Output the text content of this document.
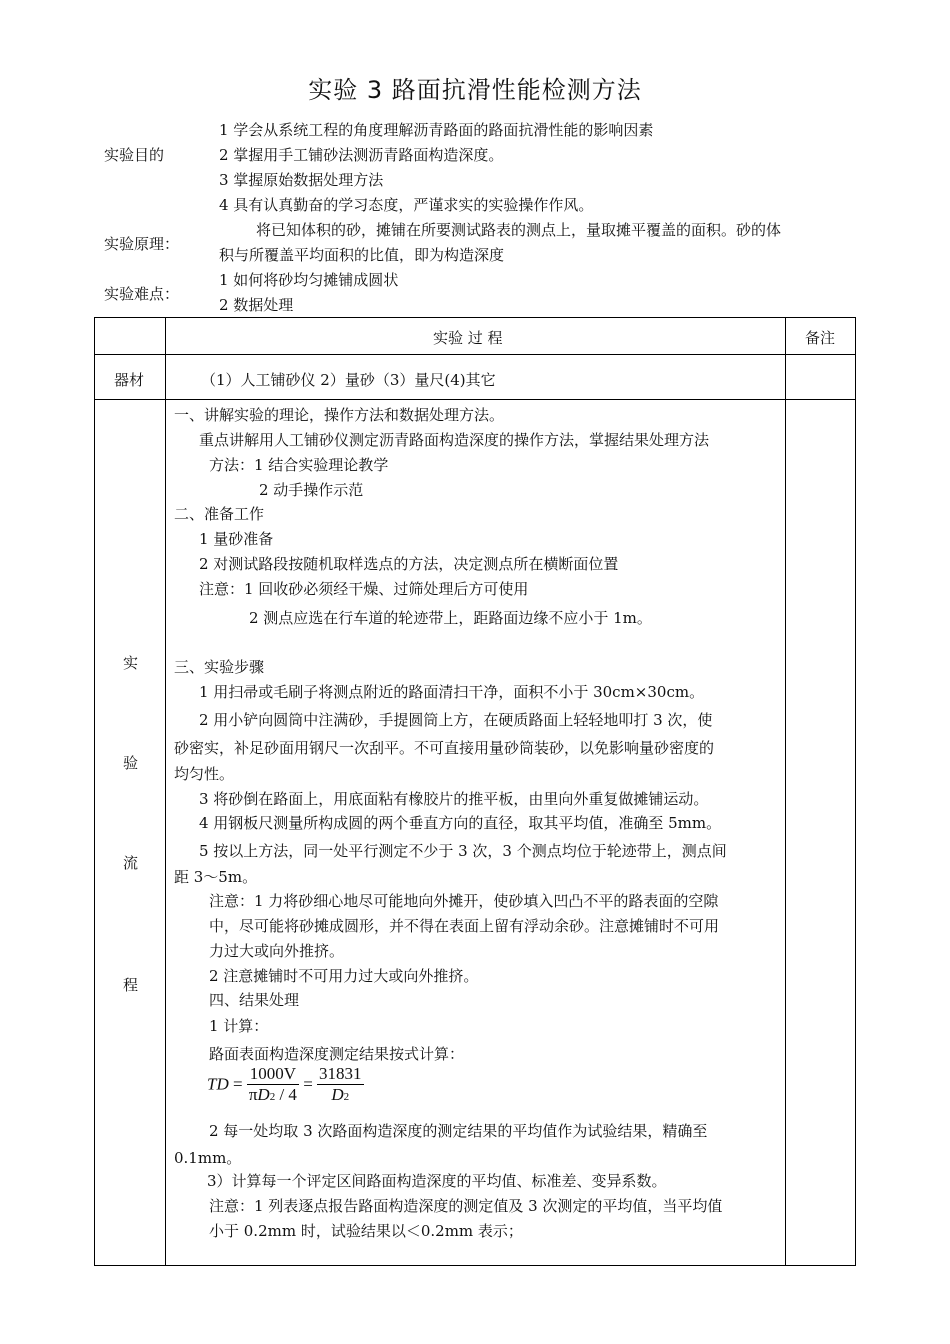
实验 3 路面抗滑性能检测方法
实验目的
1 学会从系统工程的角度理解沥青路面的路面抗滑性能的影响因素
2 掌握用手工铺砂法测沥青路面构造深度。
3 掌握原始数据处理方法
4 具有认真勤奋的学习态度，严谨求实的实验操作作风。
实验原理：
将已知体积的砂，摊铺在所要测试路表的测点上，量取摊平覆盖的面积。砂的体
积与所覆盖平均面积的比值，即为构造深度
实验难点：
1 如何将砂均匀摊铺成圆状
2 数据处理
实验 过 程	备注
器材	（1）人工铺砂仪 2）量砂（3）量尺(4)其它
实
验
流
程
一、讲解实验的理论，操作方法和数据处理方法。
重点讲解用人工铺砂仪测定沥青路面构造深度的操作方法，掌握结果处理方法
方法：1 结合实验理论教学
2 动手操作示范
二、准备工作
1 量砂准备
2 对测试路段按随机取样选点的方法，决定测点所在横断面位置
注意：1 回收砂必须经干燥、过筛处理后方可使用
2 测点应选在行车道的轮迹带上，距路面边缘不应小于 1m。
三、实验步骤
1 用扫帚或毛刷子将测点附近的路面清扫干净，面积不小于 30cm×30cm。
2 用小铲向圆筒中注满砂，手提圆筒上方，在硬质路面上轻轻地叩打 3 次，使
砂密实，补足砂面用钢尺一次刮平。不可直接用量砂筒装砂，以免影响量砂密度的
均匀性。
3 将砂倒在路面上，用底面粘有橡胶片的推平板，由里向外重复做摊铺运动。
4 用钢板尺测量所构成圆的两个垂直方向的直径，取其平均值，准确至 5mm。
5 按以上方法，同一处平行测定不少于 3 次，3 个测点均位于轮迹带上，测点间
距 3～5m。
注意：1 力将砂细心地尽可能地向外摊开，使砂填入凹凸不平的路表面的空隙
中，尽可能将砂摊成圆形，并不得在表面上留有浮动余砂。注意摊铺时不可用
力过大或向外推挤。
2 注意摊铺时不可用力过大或向外推挤。
四、结果处理
1 计算：
路面表面构造深度测定结果按式计算：
TD = $\frac{1000V}{\pi D2 / 4} = \frac{31831}{D2}$
2 每一处均取 3 次路面构造深度的测定结果的平均值作为试验结果，精确至
0.1mm。
3）计算每一个评定区间路面构造深度的平均值、标准差、变异系数。
注意：1 列表逐点报告路面构造深度的测定值及 3 次测定的平均值，当平均值
小于 0.2mm 时，试验结果以＜0.2mm 表示；
